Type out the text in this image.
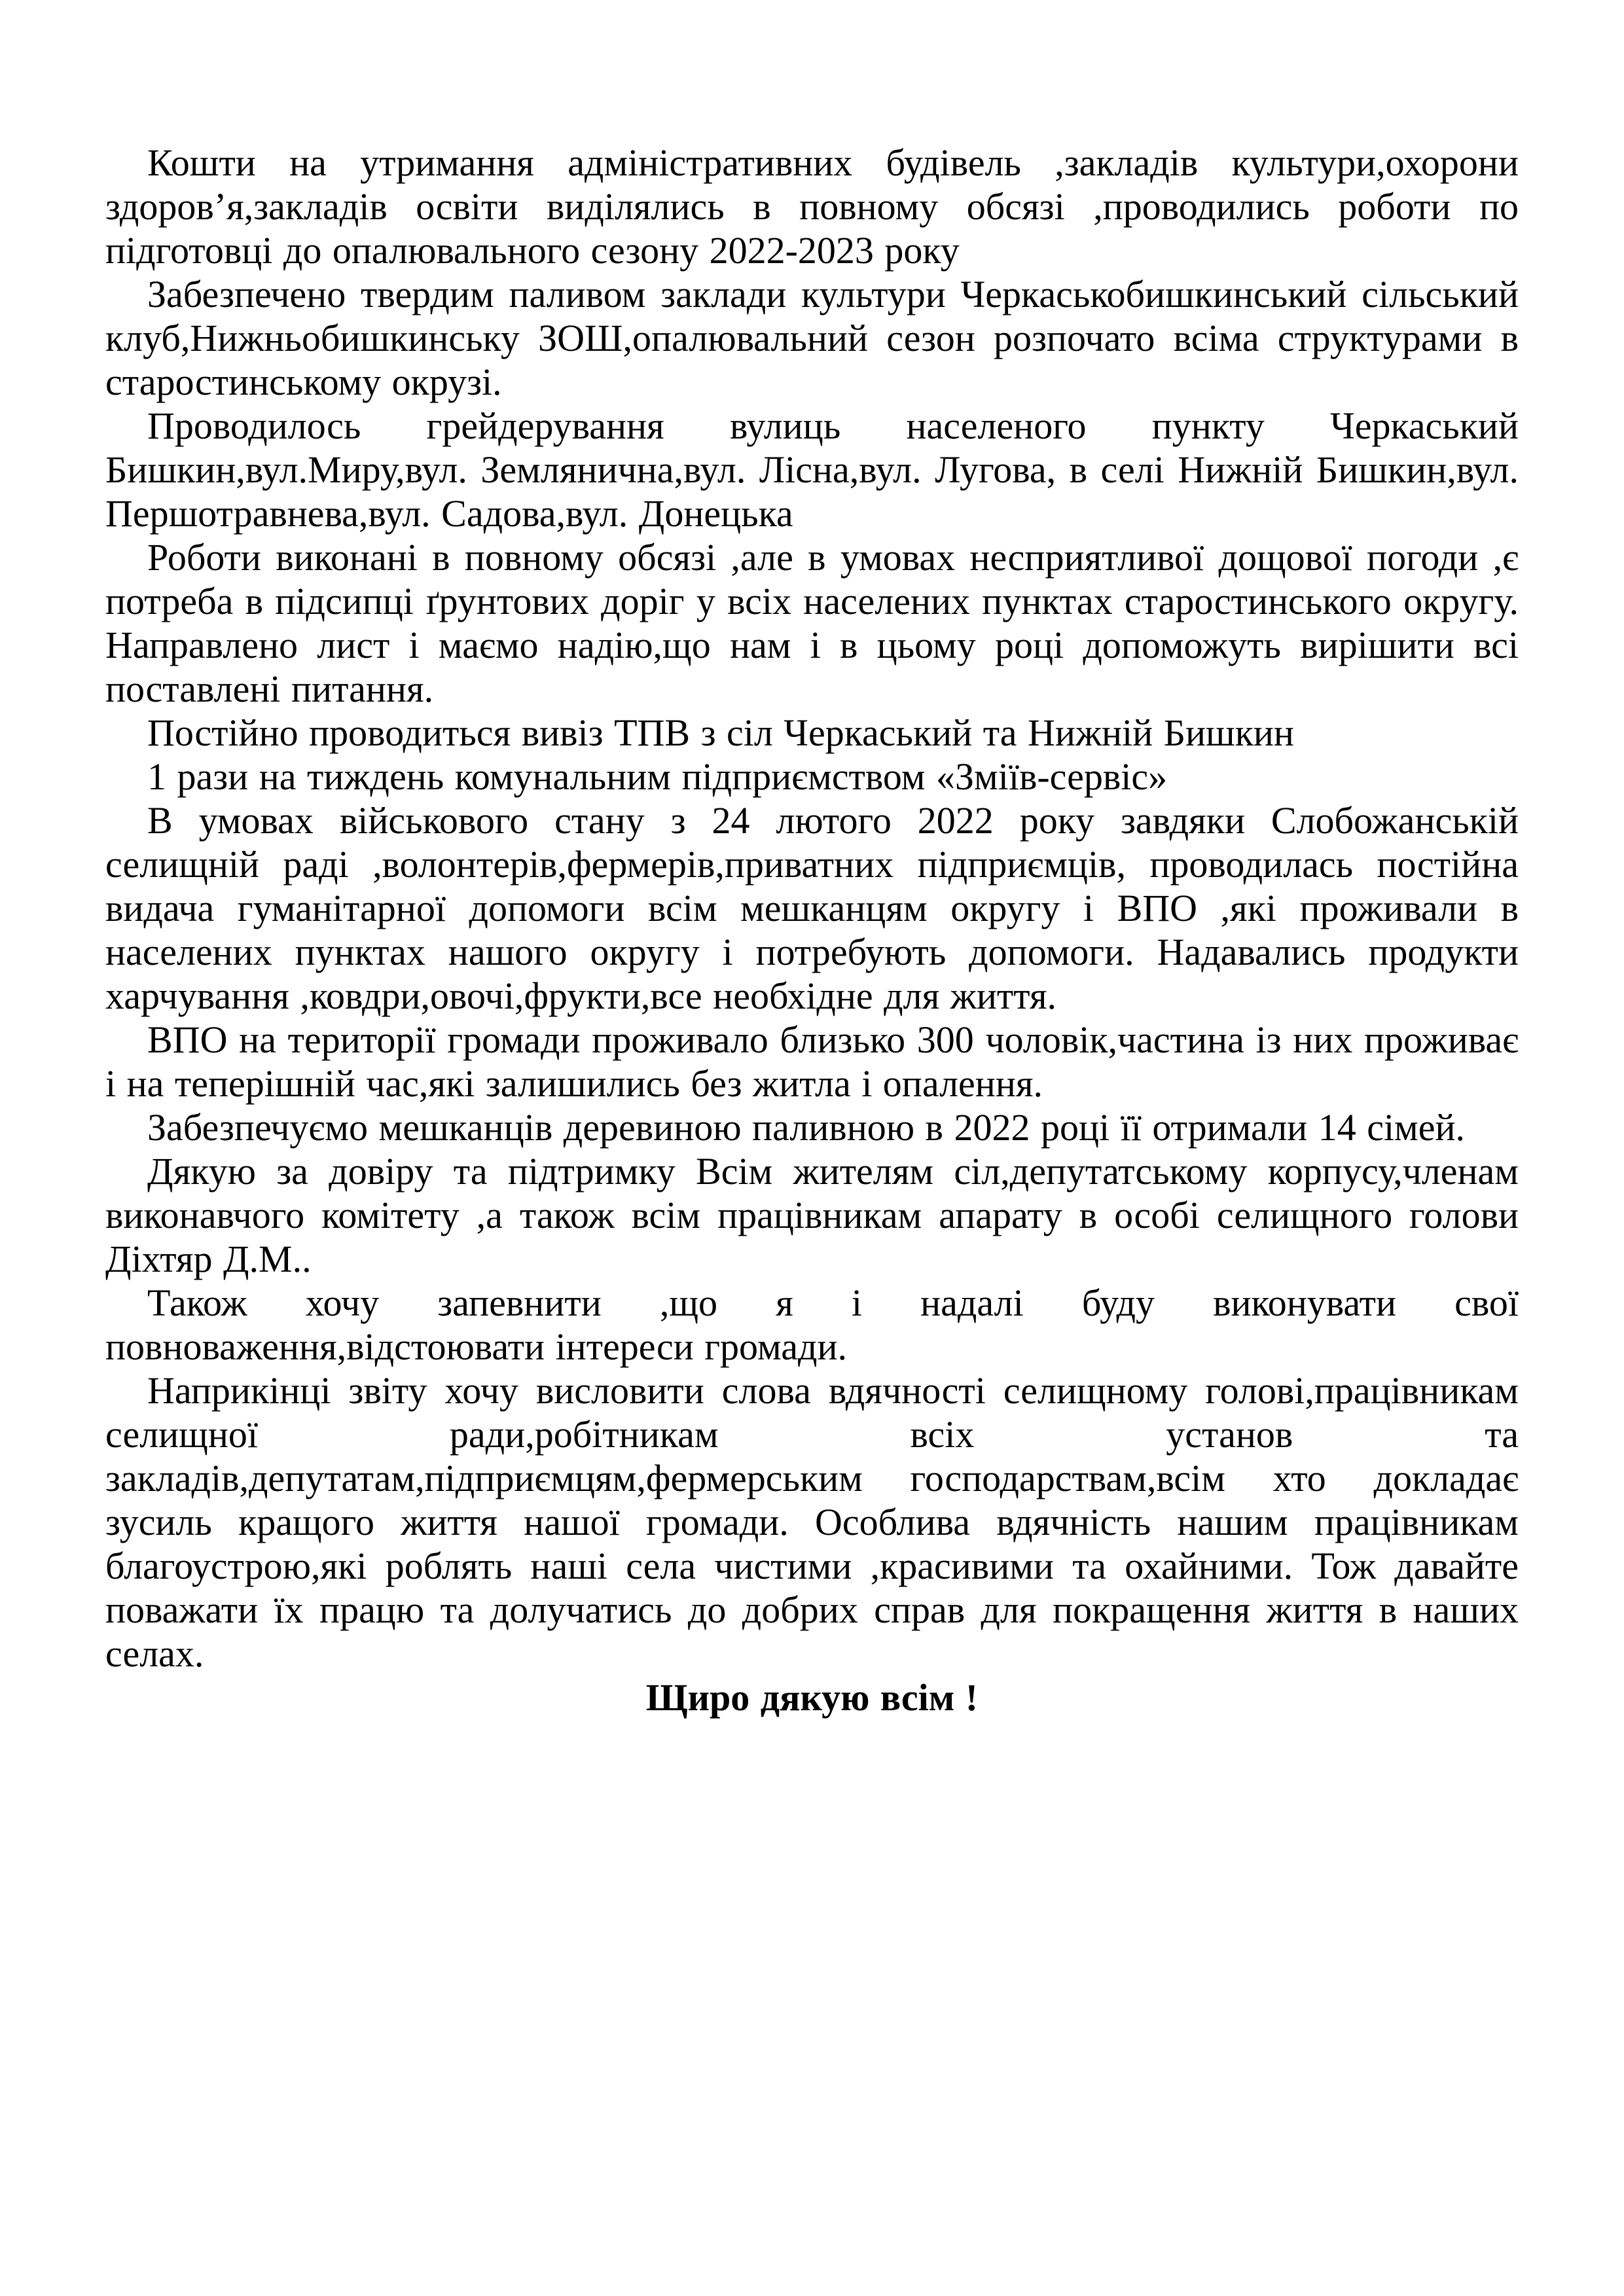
Кошти на утримання адміністративних будівель ,закладів культури,охорони здоров’я,закладів освіти виділялись в повному обсязі ,проводились роботи по підготовці до опалювального сезону 2022-2023 року

Забезпечено твердим паливом заклади культури Черкаськобишкинський сільський клуб,Нижньобишкинську ЗОШ,опалювальний сезон розпочато всіма структурами в старостинському окрузі.

Проводилось грейдерування вулиць населеного пункту Черкаський Бишкин,вул.Миру,вул. Землянична,вул. Лісна,вул. Лугова, в селі Нижній Бишкин,вул. Першотравнева,вул. Садова,вул. Донецька

Роботи виконані в повному обсязі ,але в умовах несприятливої дощової погоди ,є потреба в підсипці ґрунтових доріг у всіх населених пунктах старостинського округу. Направлено лист і маємо надію,що нам і в цьому році допоможуть вирішити всі поставлені питання.

Постійно проводиться вивіз ТПВ з сіл Черкаський та Нижній Бишкин

1 рази на тиждень комунальним підприємством «Зміїв-сервіс»

В умовах військового стану з 24 лютого 2022 року завдяки Слобожанській селищній раді ,волонтерів,фермерів,приватних підприємців, проводилась постійна видача гуманітарної допомоги всім мешканцям округу і ВПО ,які проживали в населених пунктах нашого округу і потребують допомоги. Надавались продукти харчування ,ковдри,овочі,фрукти,все необхідне для життя.

ВПО на території громади проживало близько 300 чоловік,частина із них проживає і на теперішній час,які залишились без житла і опалення.

Забезпечуємо мешканців деревиною паливною в 2022 році її отримали 14 сімей.

Дякую за довіру та підтримку Всім жителям сіл,депутатському корпусу,членам виконавчого комітету ,а також всім працівникам апарату в особі селищного голови Діхтяр Д.М..

Також хочу запевнити ,що я і надалі буду виконувати свої повноваження,відстоювати інтереси громади.

Наприкінці звіту хочу висловити слова вдячності селищному голові,працівникам селищної ради,робітникам всіх установ та закладів,депутатам,підприємцям,фермерським господарствам,всім хто докладає зусиль кращого життя нашої громади. Особлива вдячність нашим працівникам благоустрою,які роблять наші села чистими ,красивими та охайними. Тож давайте поважати їх працю та долучатись до добрих справ для покращення життя в наших селах.

Щиро дякую всім !
